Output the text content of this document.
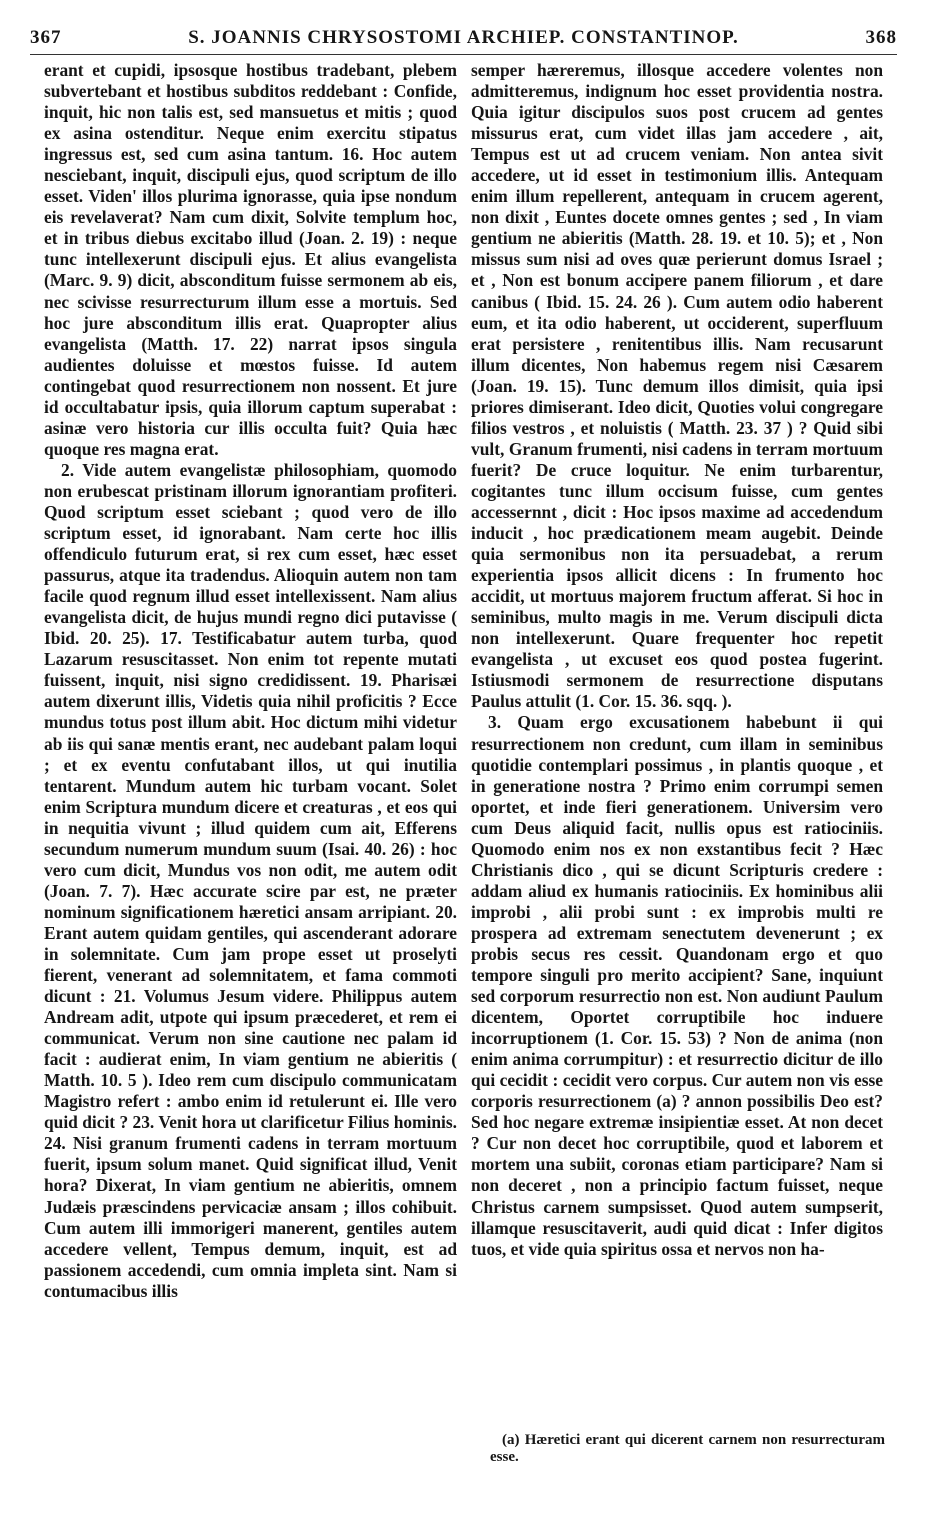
367	S. JOANNIS CHRYSOSTOMI ARCHIEP. CONSTANTINOP.	368

erant et cupidi, ipsosque hostibus tradebant, plebem subvertebant et hostibus subditos reddebant : Confide, inquit, hic non talis est, sed mansuetus et mitis ; quod ex asina ostenditur. Neque enim exercitu stipatus ingressus est, sed cum asina tantum. 16. Hoc autem nesciebant, inquit, discipuli ejus, quod scriptum de illo esset. Viden' illos plurima ignorasse, quia ipse nondum eis revelaverat? Nam cum dixit, Solvite templum hoc, et in tribus diebus excitabo illud (Joan. 2. 19) : neque tunc intellexerunt discipuli ejus. Et alius evangelista (Marc. 9. 9) dicit, absconditum fuisse sermonem ab eis, nec scivisse resurrecturum illum esse a mortuis. Sed hoc jure absconditum illis erat. Quapropter alius evangelista (Matth. 17. 22) narrat ipsos singula audientes doluisse et mœstos fuisse. Id autem contingebat quod resurrectionem non nossent. Et jure id occultabatur ipsis, quia illorum captum superabat : asinæ vero historia cur illis occulta fuit? Quia hæc quoque res magna erat.

2. Vide autem evangelistæ philosophiam, quomodo non erubescat pristinam illorum ignorantiam profiteri. Quod scriptum esset sciebant ; quod vero de illo scriptum esset, id ignorabant. Nam certe hoc illis offendiculo futurum erat, si rex cum esset, hæc esset passurus, atque ita tradendus. Alioquin autem non tam facile quod regnum illud esset intellexissent. Nam alius evangelista dicit, de hujus mundi regno dici putavisse ( Ibid. 20. 25). 17. Testificabatur autem turba, quod Lazarum resuscitasset. Non enim tot repente mutati fuissent, inquit, nisi signo credidissent. 19. Pharisæi autem dixerunt illis, Videtis quia nihil proficitis ? Ecce mundus totus post illum abit. Hoc dictum mihi videtur ab iis qui sanæ mentis erant, nec audebant palam loqui ; et ex eventu confutabant illos, ut qui inutilia tentarent. Mundum autem hic turbam vocant. Solet enim Scriptura mundum dicere et creaturas , et eos qui in nequitia vivunt ; illud quidem cum ait, Efferens secundum numerum mundum suum (Isai. 40. 26) : hoc vero cum dicit, Mundus vos non odit, me autem odit (Joan. 7. 7). Hæc accurate scire par est, ne præter nominum significationem hæretici ansam arripiant. 20. Erant autem quidam gentiles, qui ascenderant adorare in solemnitate. Cum jam prope esset ut proselyti fierent, venerant ad solemnitatem, et fama commoti dicunt : 21. Volumus Jesum videre. Philippus autem Andream adit, utpote qui ipsum præcederet, et rem ei communicat. Verum non sine cautione nec palam id facit : audierat enim, In viam gentium ne abieritis ( Matth. 10. 5 ). Ideo rem cum discipulo communicatam Magistro refert : ambo enim id retulerunt ei. Ille vero quid dicit ? 23. Venit hora ut clarificetur Filius hominis. 24. Nisi granum frumenti cadens in terram mortuum fuerit, ipsum solum manet. Quid significat illud, Venit hora? Dixerat, In viam gentium ne abieritis, omnem Judæis præscindens pervicaciæ ansam ; illos cohibuit. Cum autem illi immorigeri manerent, gentiles autem accedere vellent, Tempus demum, inquit, est ad passionem accedendi, cum omnia impleta sint. Nam si contumacibus illis

semper hæreremus, illosque accedere volentes non admitteremus, indignum hoc esset providentia nostra. Quia igitur discipulos suos post crucem ad gentes missurus erat, cum videt illas jam accedere , ait, Tempus est ut ad crucem veniam. Non antea sivit accedere, ut id esset in testimonium illis. Antequam enim illum repellerent, antequam in crucem agerent, non dixit , Euntes docete omnes gentes ; sed , In viam gentium ne abieritis (Matth. 28. 19. et 10. 5); et , Non missus sum nisi ad oves quæ perierunt domus Israel ; et , Non est bonum accipere panem filiorum , et dare canibus ( Ibid. 15. 24. 26 ). Cum autem odio haberent eum, et ita odio haberent, ut occiderent, superfluum erat persistere , renitentibus illis. Nam recusarunt illum dicentes, Non habemus regem nisi Cæsarem (Joan. 19. 15). Tunc demum illos dimisit, quia ipsi priores dimiserant. Ideo dicit, Quoties volui congregare filios vestros , et noluistis ( Matth. 23. 37 ) ? Quid sibi vult, Granum frumenti, nisi cadens in terram mortuum fuerit? De cruce loquitur. Ne enim turbarentur, cogitantes tunc illum occisum fuisse, cum gentes accessernnt , dicit : Hoc ipsos maxime ad accedendum inducit , hoc prædicationem meam augebit. Deinde quia sermonibus non ita persuadebat, a rerum experientia ipsos allicit dicens : In frumento hoc accidit, ut mortuus majorem fructum afferat. Si hoc in seminibus, multo magis in me. Verum discipuli dicta non intellexerunt. Quare frequenter hoc repetit evangelista , ut excuset eos quod postea fugerint. Istiusmodi sermonem de resurrectione disputans Paulus attulit (1. Cor. 15. 36. sqq. ).

3. Quam ergo excusationem habebunt ii qui resurrectionem non credunt, cum illam in seminibus quotidie contemplari possimus , in plantis quoque , et in generatione nostra ? Primo enim corrumpi semen oportet, et inde fieri generationem. Universim vero cum Deus aliquid facit, nullis opus est ratiociniis. Quomodo enim nos ex non exstantibus fecit ? Hæc Christianis dico , qui se dicunt Scripturis credere : addam aliud ex humanis ratiociniis. Ex hominibus alii improbi , alii probi sunt : ex improbis multi re prospera ad extremam senectutem devenerunt ; ex probis secus res cessit. Quandonam ergo et quo tempore singuli pro merito accipient? Sane, inquiunt sed corporum resurrectio non est. Non audiunt Paulum dicentem, Oportet corruptibile hoc induere incorruptionem (1. Cor. 15. 53) ? Non de anima (non enim anima corrumpitur) : et resurrectio dicitur de illo qui cecidit : cecidit vero corpus. Cur autem non vis esse corporis resurrectionem (a) ? annon possibilis Deo est? Sed hoc negare extremæ insipientiæ esset. At non decet ? Cur non decet hoc corruptibile, quod et laborem et mortem una subiit, coronas etiam participare? Nam si non deceret , non a principio factum fuisset, neque Christus carnem sumpsisset. Quod autem sumpserit, illamque resuscitaverit, audi quid dicat : Infer digitos tuos, et vide quia spiritus ossa et nervos non ha-

(a) Hæretici erant qui dicerent carnem non resurrecturam esse.
